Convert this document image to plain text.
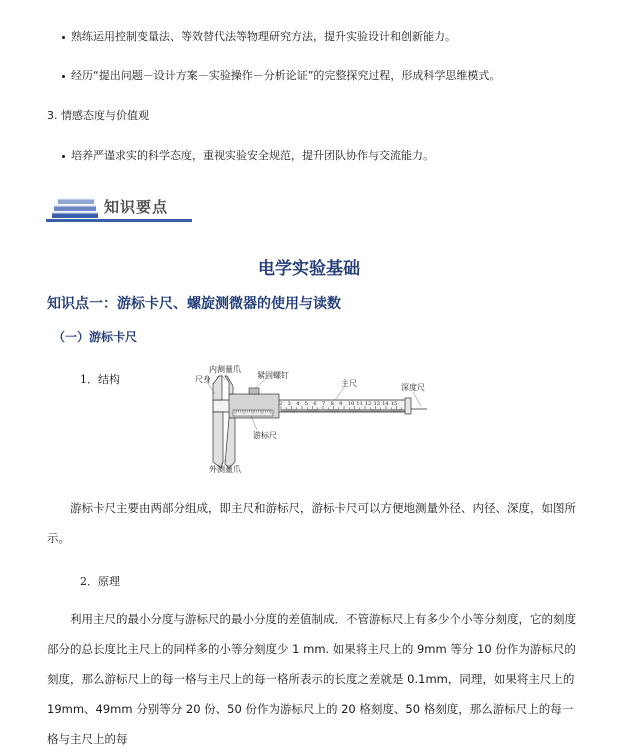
熟练运用控制变量法、等效替代法等物理研究方法，提升实验设计和创新能力。
经历“提出问题－设计方案－实验操作－分析论证”的完整探究过程，形成科学思维模式。
3. 情感态度与价值观
培养严谨求实的科学态度，重视实验安全规范，提升团队协作与交流能力。
知识要点
电学实验基础
知识点一：游标卡尺、螺旋测微器的使用与读数
（一）游标卡尺
1．结构
内测量爪
尺身	紧固螺钉
主尺	深度尺
游标尺
外测量爪
2 3 4 5 6 7 8 9 10 11 12 13 14 15
游标卡尺主要由两部分组成，即主尺和游标尺，游标卡尺可以方便地测量外径、内径、深度，如图所示。
2．原理
利用主尺的最小分度与游标尺的最小分度的差值制成．不管游标尺上有多少个小等分刻度，它的刻度部分的总长度比主尺上的同样多的小等分刻度少 1 mm. 如果将主尺上的 9mm 等分 10 份作为游标尺的刻度，那么游标尺上的每一格与主尺上的每一格所表示的长度之差就是 0.1mm，同理，如果将主尺上的 19mm、49mm 分别等分 20 份、50 份作为游标尺上的 20 格刻度、50 格刻度，那么游标尺上的每一格与主尺上的每
